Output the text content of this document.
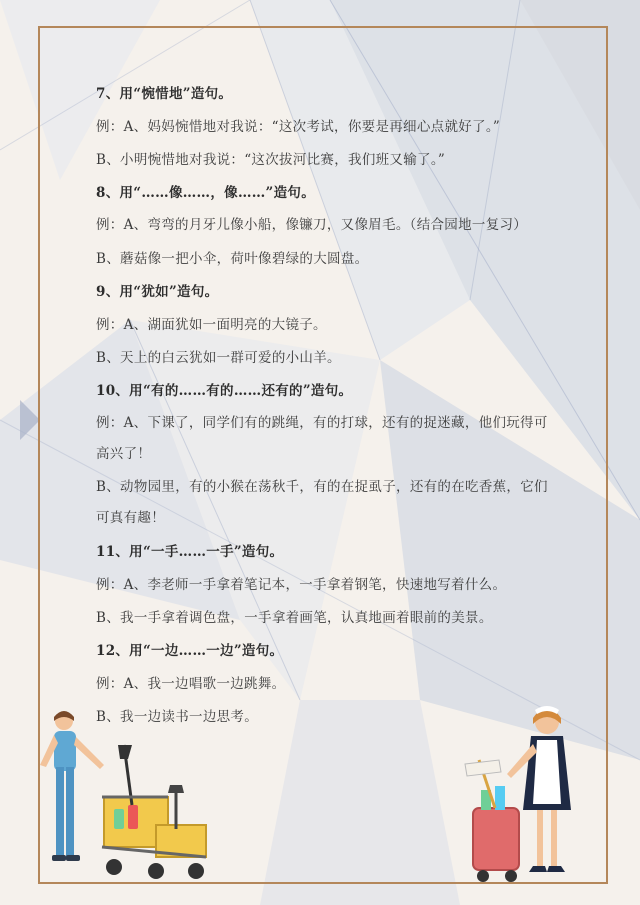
7、用“惋惜地”造句。

例：A、妈妈惋惜地对我说：“这次考试，你要是再细心点就好了。”

B、小明惋惜地对我说：“这次拔河比赛，我们班又输了。”

8、用“……像……，像……”造句。

例：A、弯弯的月牙儿像小船，像镰刀，又像眉毛。（结合园地一复习）

B、蘑菇像一把小伞，荷叶像碧绿的大圆盘。

9、用“犹如”造句。

例：A、湖面犹如一面明亮的大镜子。

B、天上的白云犹如一群可爱的小山羊。

10、用“有的……有的……还有的”造句。

例：A、下课了，同学们有的跳绳，有的打球，还有的捉迷藏，他们玩得可高兴了！

B、动物园里，有的小猴在荡秋千，有的在捉虱子，还有的在吃香蕉，它们可真有趣！

11、用“一手……一手”造句。

例：A、李老师一手拿着笔记本，一手拿着钢笔，快速地写着什么。

B、我一手拿着调色盘，一手拿着画笔，认真地画着眼前的美景。

12、用“一边……一边”造句。

例：A、我一边唱歌一边跳舞。

B、我一边读书一边思考。
